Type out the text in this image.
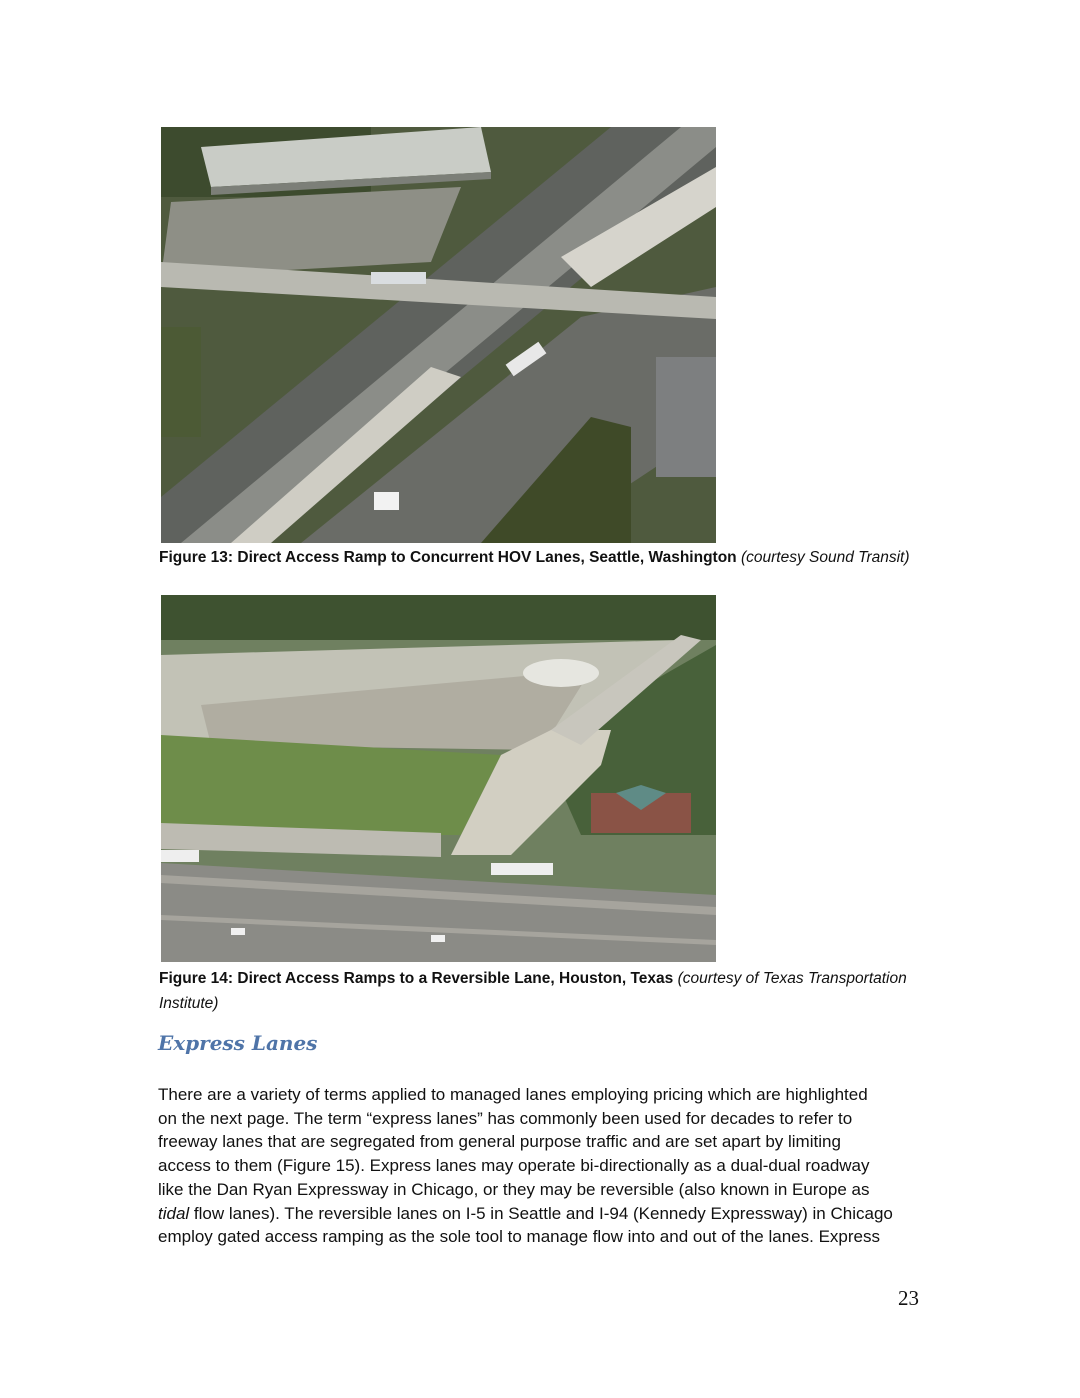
Figure 13: Direct Access Ramp to Concurrent HOV Lanes, Seattle, Washington (courtesy Sound Transit)
Figure 14: Direct Access Ramps to a Reversible Lane, Houston, Texas (courtesy of Texas Transportation
Institute)
Express Lanes
There are a variety of terms applied to managed lanes employing pricing which are highlighted
on the next page. The term “express lanes” has commonly been used for decades to refer to
freeway lanes that are segregated from general purpose traffic and are set apart by limiting
access to them (Figure 15). Express lanes may operate bi-directionally as a dual-dual roadway
like the Dan Ryan Expressway in Chicago, or they may be reversible (also known in Europe as
tidal flow lanes). The reversible lanes on I-5 in Seattle and I-94 (Kennedy Expressway) in Chicago
employ gated access ramping as the sole tool to manage flow into and out of the lanes. Express
23
